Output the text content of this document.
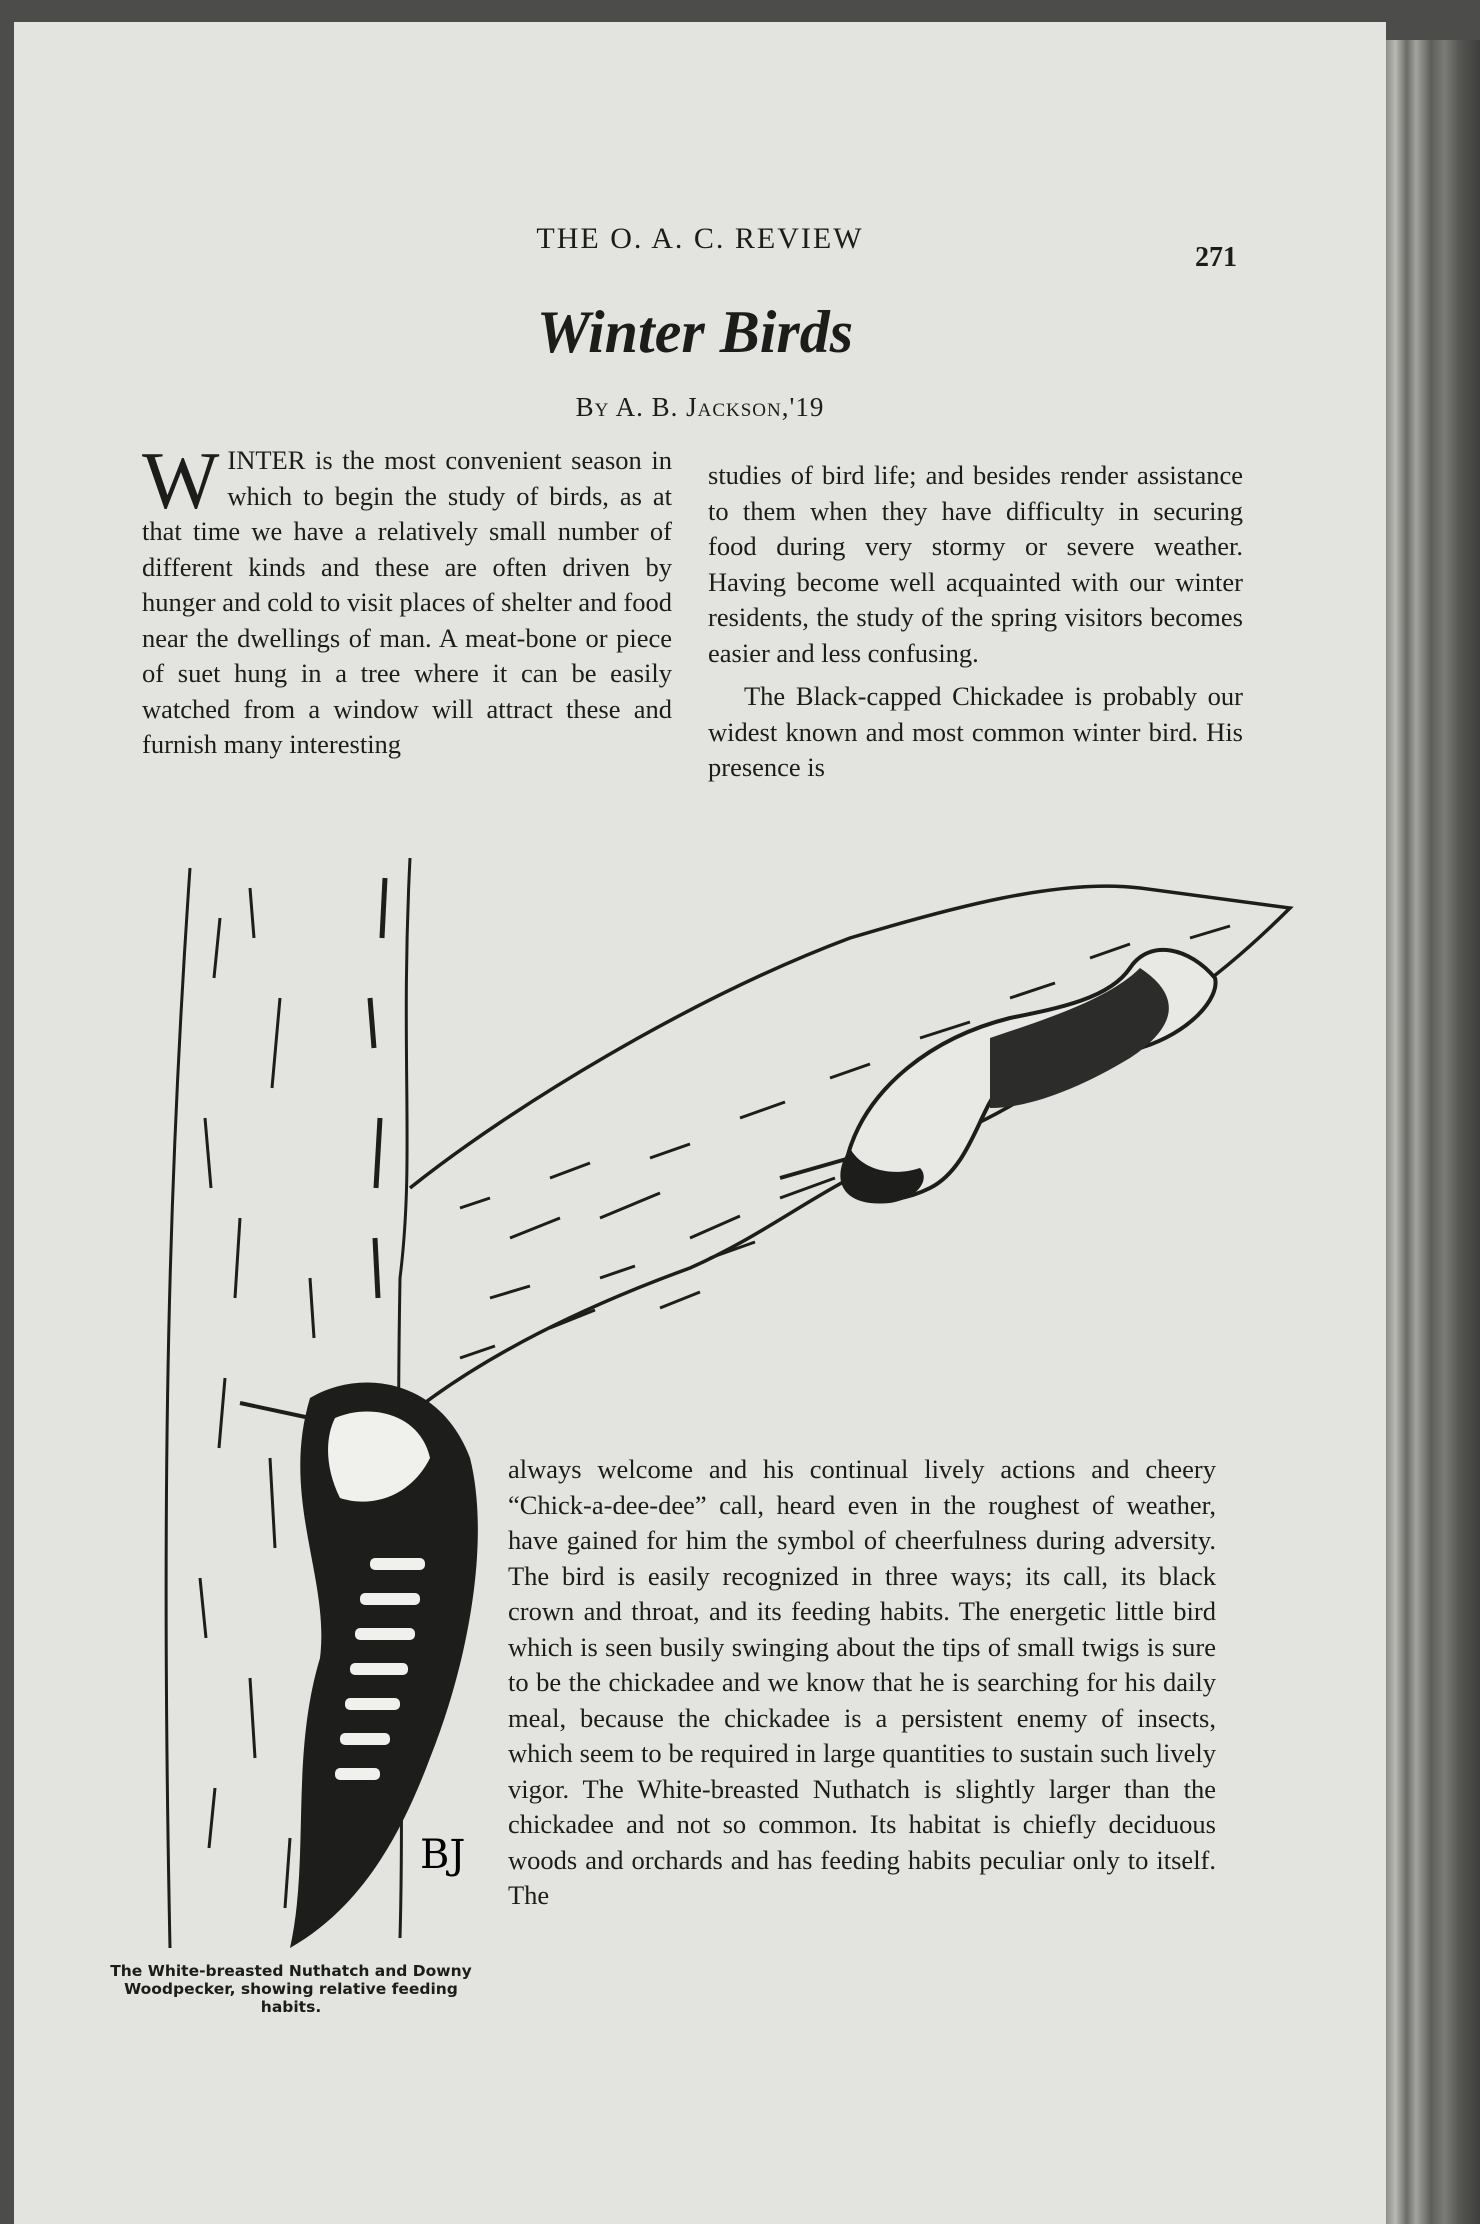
THE O. A. C. REVIEW
271
Winter Birds
By A. B. Jackson,'19

WINTER is the most convenient season in which to begin the study of birds, as at that time we have a relatively small number of different kinds and these are often driven by hunger and cold to visit places of shelter and food near the dwellings of man. A meat-bone or piece of suet hung in a tree where it can be easily watched from a window will attract these and furnish many interesting

studies of bird life; and besides render assistance to them when they have difficulty in securing food during very stormy or severe weather. Having become well acquainted with our winter residents, the study of the spring visitors becomes easier and less confusing.

The Black-capped Chickadee is probably our widest known and most common winter bird. His presence is

BJ

always welcome and his continual lively actions and cheery “Chick-a-dee-dee” call, heard even in the roughest of weather, have gained for him the symbol of cheerfulness during adversity. The bird is easily recognized in three ways; its call, its black crown and throat, and its feeding habits. The energetic little bird which is seen busily swinging about the tips of small twigs is sure to be the chickadee and we know that he is searching for his daily meal, because the chickadee is a persistent enemy of insects, which seem to be required in large quantities to sustain such lively vigor. The White-breasted Nuthatch is slightly larger than the chickadee and not so common. Its habitat is chiefly deciduous woods and orchards and has feeding habits peculiar only to itself. The

The White-breasted Nuthatch and Downy Woodpecker, showing relative feeding habits.
